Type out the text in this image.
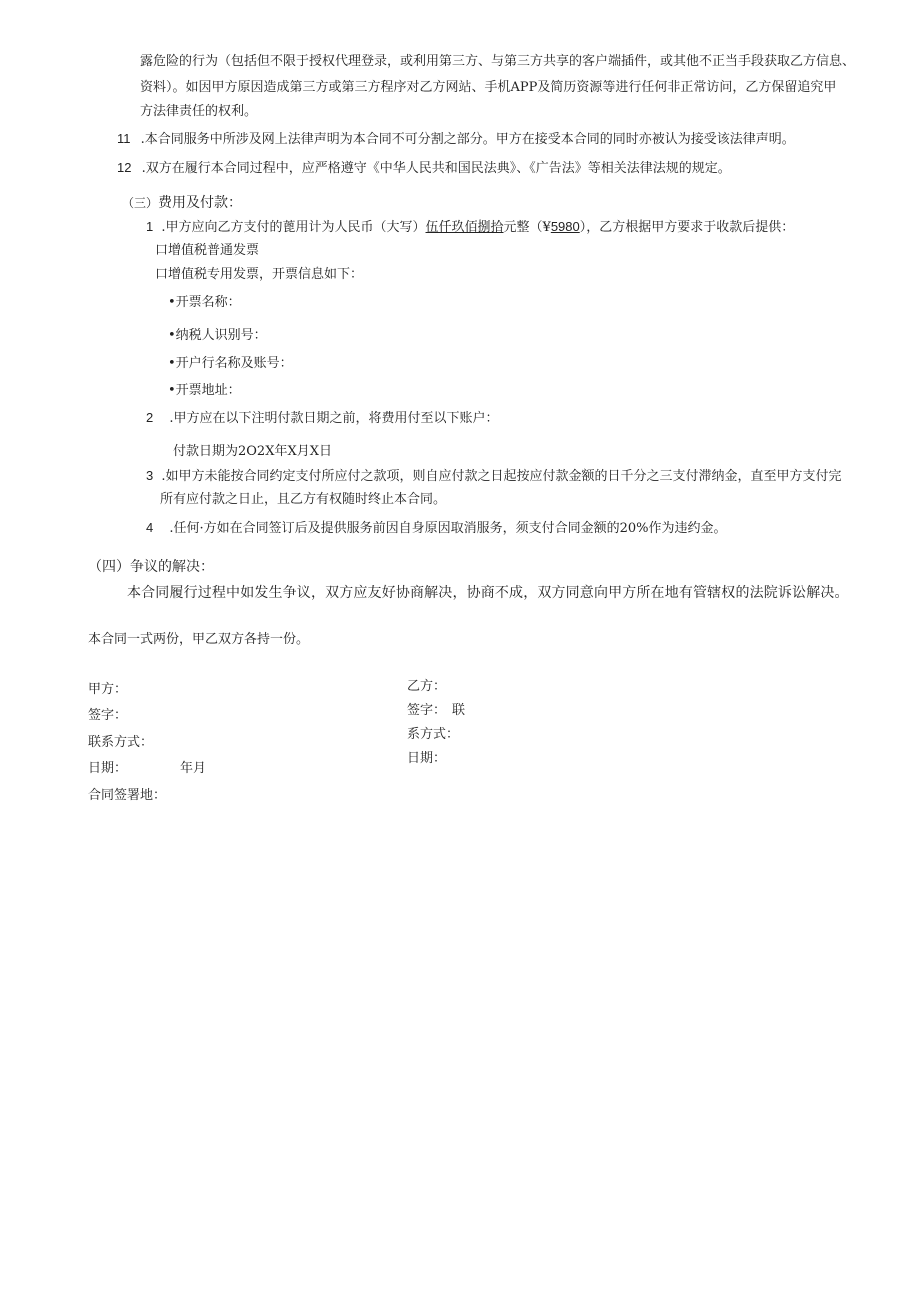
露危险的行为（包括但不限于授权代理登录，或利用第三方、与第三方共享的客户端插件，或其他不正当手段获取乙方信息、
资料）。如因甲方原因造成第三方或第三方程序对乙方网站、手机APP及简历资源等进行任何非正常访问，乙方保留追究甲
方法律责任的权利。
11 .本合同服务中所涉及网上法律声明为本合同不可分割之部分。甲方在接受本合同的同时亦被认为接受该法律声明。
12 .双方在履行本合同过程中，应严格遵守《中华人民共和国民法典》、《广告法》等相关法律法规的规定。
（三）费用及付款：
1 .甲方应向乙方支付的蓖用计为人民币（大写）伍仟玖佰捌拾元整（¥5980），乙方根据甲方要求于收款后提供：
口增值税普通发票
口增值税专用发票，开票信息如下：
•开票名称：
•纳税人识别号：
•开户行名称及账号：
•开票地址：
2 .甲方应在以下注明付款日期之前，将费用付至以下账户：
付款日期为2O2X年X月X日
3 .如甲方未能按合同约定支付所应付之款项，则自应付款之日起按应付款金额的日千分之三支付滞纳金，直至甲方支付完
所有应付款之日止，且乙方有权随时终止本合同。
4 .任何·方如在合同签订后及提供服务前因自身原因取消服务，须支付合同金额的20%作为违约金。
（四）争议的解决：
本合同履行过程中如发生争议，双方应友好协商解决，协商不成，双方同意向甲方所在地有管辖权的法院诉讼解决。
本合同一式两份，甲乙双方各持一份。
甲方：
签字：
联系方式：
日期：	年月
合同签署地：
乙方：
签字： 联
系方式：
日期：
